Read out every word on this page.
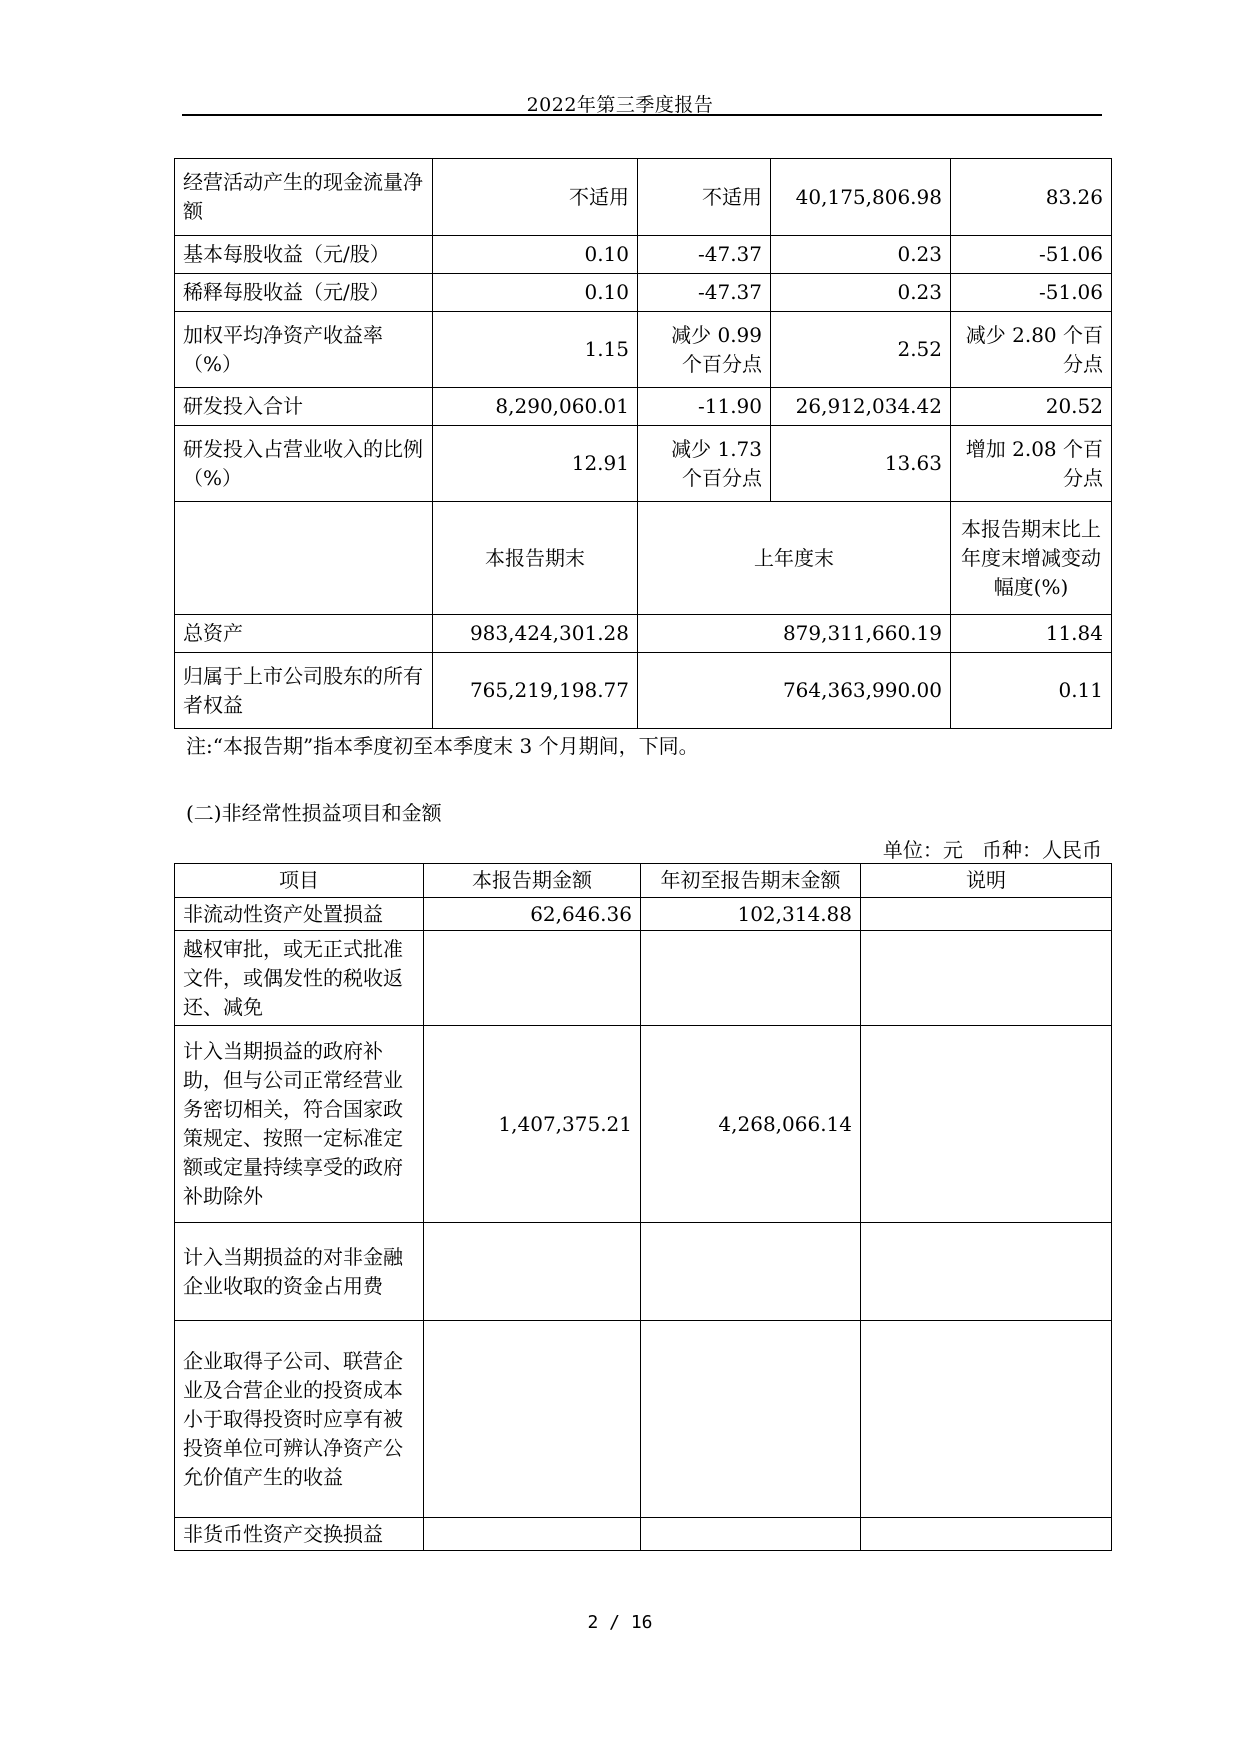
2022年第三季度报告
经营活动产生的现金流量净额	不适用	不适用	40,175,806.98	83.26
基本每股收益（元/股）	0.10	-47.37	0.23	-51.06
稀释每股收益（元/股）	0.10	-47.37	0.23	-51.06
加权平均净资产收益率（%）	1.15	减少 0.99 个百分点	2.52	减少 2.80 个百分点
研发投入合计	8,290,060.01	-11.90	26,912,034.42	20.52
研发投入占营业收入的比例（%）	12.91	减少 1.73 个百分点	13.63	增加 2.08 个百分点
	本报告期末	上年度末		本报告期末比上年度末增减变动幅度(%)
总资产	983,424,301.28	879,311,660.19		11.84
归属于上市公司股东的所有者权益	765,219,198.77	764,363,990.00		0.11
注:“本报告期”指本季度初至本季度末 3 个月期间，下同。
(二)非经常性损益项目和金额
单位：元   币种：人民币
项目	本报告期金额	年初至报告期末金额	说明
非流动性资产处置损益	62,646.36	102,314.88	
越权审批，或无正式批准文件，或偶发性的税收返还、减免			
计入当期损益的政府补助，但与公司正常经营业务密切相关，符合国家政策规定、按照一定标准定额或定量持续享受的政府补助除外	1,407,375.21	4,268,066.14	
计入当期损益的对非金融企业收取的资金占用费			
企业取得子公司、联营企业及合营企业的投资成本小于取得投资时应享有被投资单位可辨认净资产公允价值产生的收益			
非货币性资产交换损益			
2 / 16
